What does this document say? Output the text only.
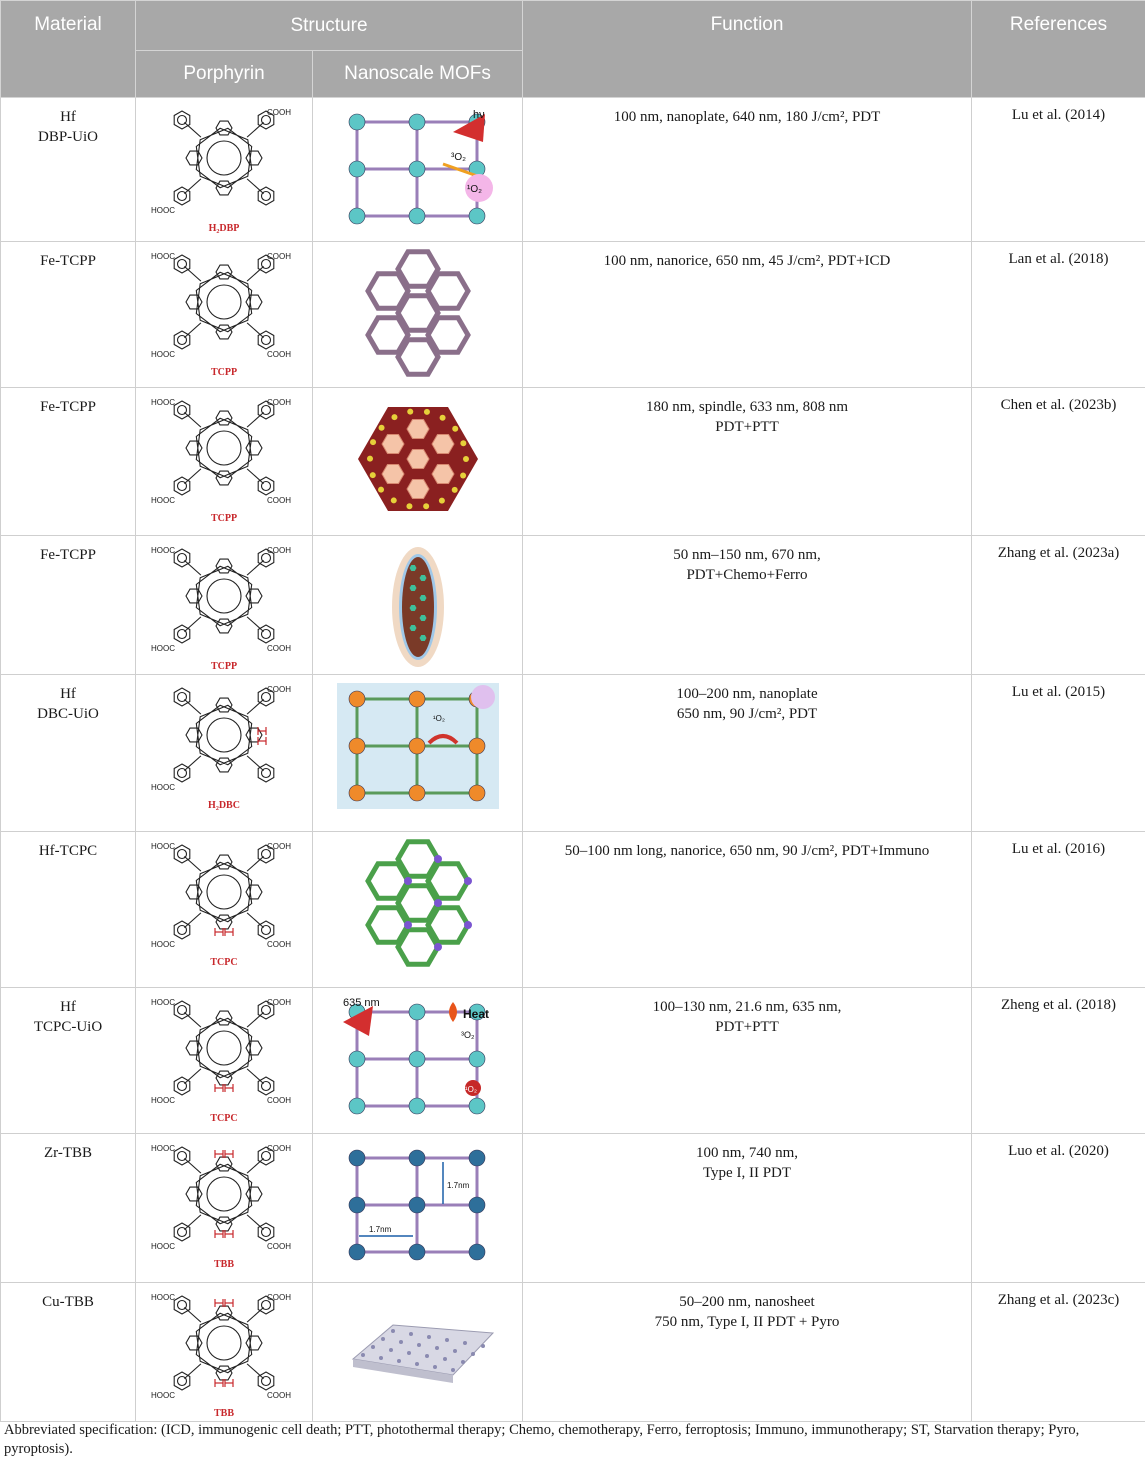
Material	Structure		Function	References
	Porphyrin	Nanoscale MOFs		

Hf
DBP-UiO	COOH
HOOC
H₂DBP	hν
³O₂
¹O₂	100 nm, nanoplate, 640 nm, 180 J/cm², PDT	Lu et al. (2014)

Fe-TCPP	COOH
COOH
HOOC
HOOC
TCPP		100 nm, nanorice, 650 nm, 45 J/cm², PDT+ICD	Lan et al. (2018)

Fe-TCPP	COOH
COOH
HOOC
HOOC
TCPP		180 nm, spindle, 633 nm, 808 nm
PDT+PTT	Chen et al. (2023b)

Fe-TCPP	COOH
COOH
HOOC
HOOC
TCPP		50 nm–150 nm, 670 nm,
PDT+Chemo+Ferro	Zhang et al. (2023a)

Hf
DBC-UiO	COOH
HOOC
H₂DBC	¹O₂	100–200 nm, nanoplate
650 nm, 90 J/cm², PDT	Lu et al. (2015)

Hf-TCPC	COOH
COOH
HOOC
HOOC
TCPC		50–100 nm long, nanorice, 650 nm, 90 J/cm², PDT+Immuno	Lu et al. (2016)

Hf
TCPC-UiO	COOH
COOH
HOOC
HOOC
TCPC	635 nm
Heat
³O₂
¹O₂	100–130 nm, 21.6 nm, 635 nm,
PDT+PTT	Zheng et al. (2018)

Zr-TBB	COOH
COOH
HOOC
HOOC
TBB	1.7nm
1.7nm	100 nm, 740 nm,
Type I, II PDT	Luo et al. (2020)

Cu-TBB	COOH
COOH
HOOC
HOOC
TBB		50–200 nm, nanosheet
750 nm, Type I, II PDT + Pyro	Zhang et al. (2023c)
Abbreviated specification: (ICD, immunogenic cell death; PTT, photothermal therapy; Chemo, chemotherapy, Ferro, ferroptosis; Immuno, immunotherapy; ST, Starvation therapy; Pyro, pyroptosis).
